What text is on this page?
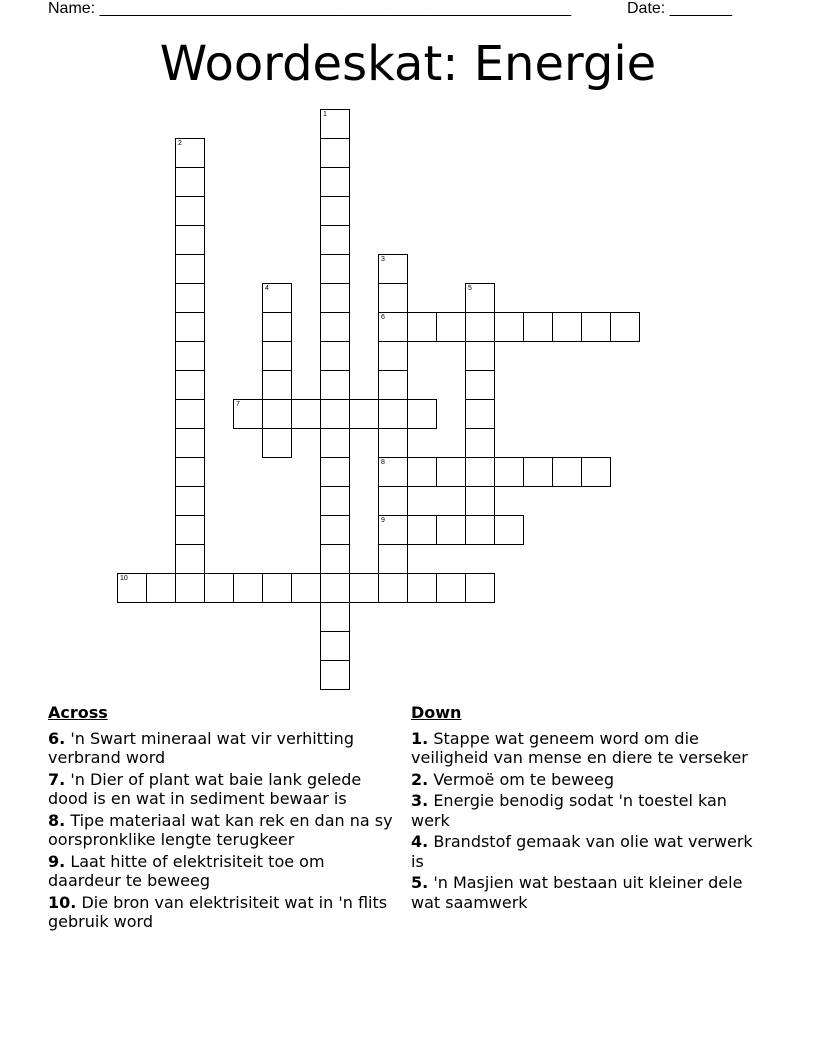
Name: _____________________________________________________	Date: _______
Woordeskat: Energie
1
2
3
6
8
9
4	5
7
10
Across
6. 'n Swart mineraal wat vir verhitting verbrand word
7. 'n Dier of plant wat baie lank gelede dood is en wat in sediment bewaar is
8. Tipe materiaal wat kan rek en dan na sy oorspronklike lengte terugkeer
9. Laat hitte of elektrisiteit toe om daardeur te beweeg
10. Die bron van elektrisiteit wat in 'n flits gebruik word
Down
1. Stappe wat geneem word om die veiligheid van mense en diere te verseker
2. Vermoë om te beweeg
3. Energie benodig sodat 'n toestel kan werk
4. Brandstof gemaak van olie wat verwerk is
5. 'n Masjien wat bestaan uit kleiner dele wat saamwerk
